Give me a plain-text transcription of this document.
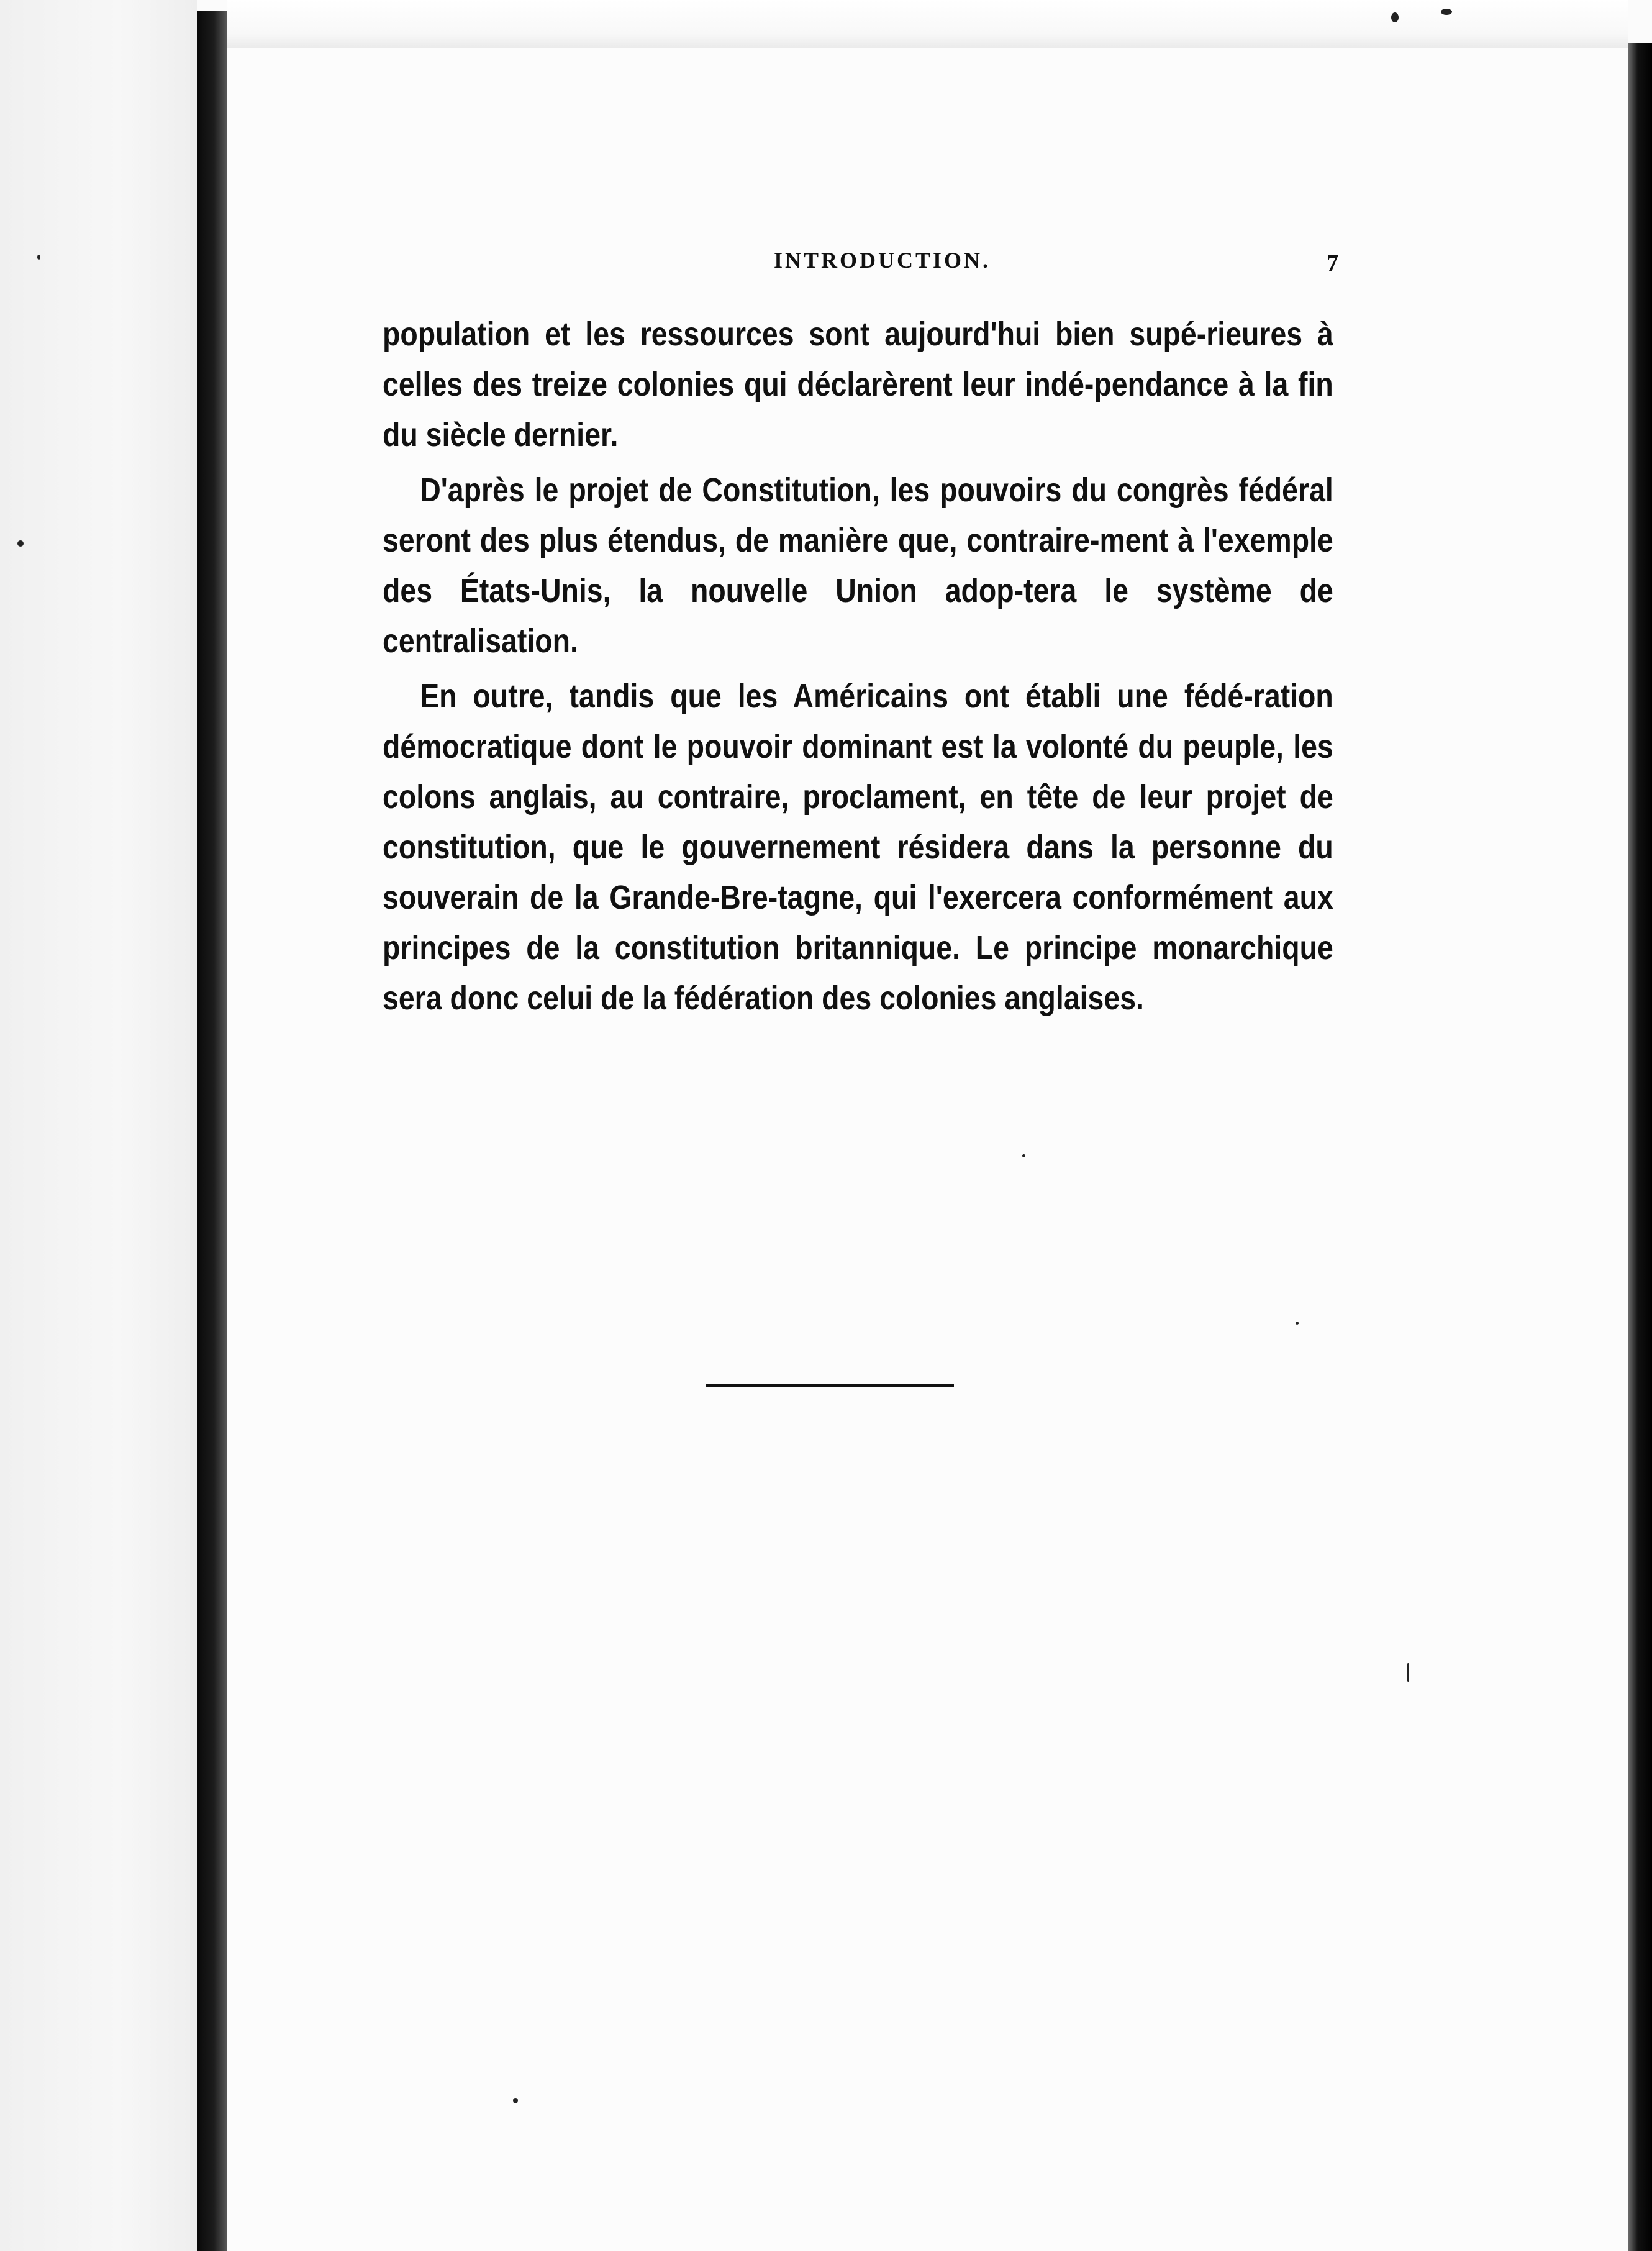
INTRODUCTION.	7

population et les ressources sont aujourd'hui bien supé-rieures à celles des treize colonies qui déclarèrent leur indé-pendance à la fin du siècle dernier.

D'après le projet de Constitution, les pouvoirs du congrès fédéral seront des plus étendus, de manière que, contraire-ment à l'exemple des États-Unis, la nouvelle Union adop-tera le système de centralisation.

En outre, tandis que les Américains ont établi une fédé-ration démocratique dont le pouvoir dominant est la volonté du peuple, les colons anglais, au contraire, proclament, en tête de leur projet de constitution, que le gouvernement résidera dans la personne du souverain de la Grande-Bre-tagne, qui l'exercera conformément aux principes de la constitution britannique. Le principe monarchique sera donc celui de la fédération des colonies anglaises.
